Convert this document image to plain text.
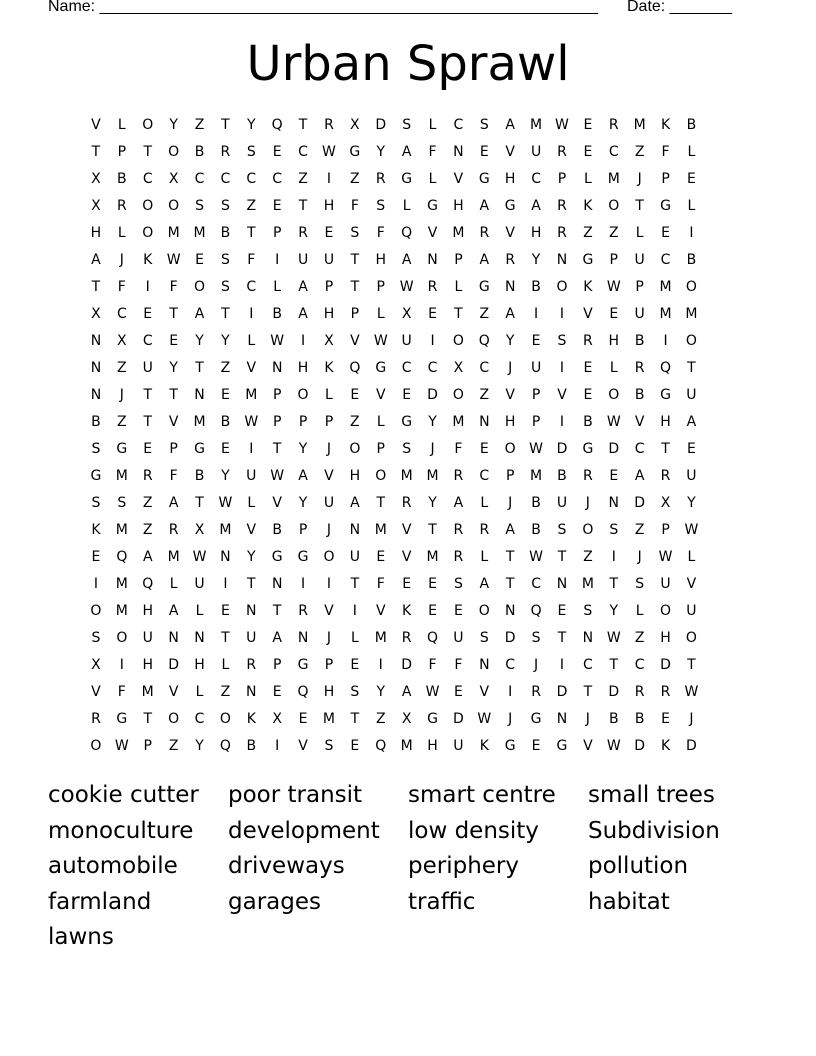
Name: ________________________________________________________ Date: _______
Urban Sprawl
V	L	O	Y	Z	T	Y	Q	T	R	X	D	S	L	C	S	A	M W	E	R	M	K	B
T	P	T	O	B	R	S	E	C	W G	Y	A	F	N	E	V	U	R	E	C	Z	F	L
X	B	C	X	C	C	C	C	Z	I	Z	R	G	L	V	G	H	C	P	L	M	J	P	E
X	R	O	O	S	S	Z	E	T	H	F	S	L	G	H	A	G	A	R	K	O	T	G	L
H	L	O	M M	B	T	P	R	E	S	F	Q	V	M	R	V	H	R	Z	Z	L	E	I
A	J	K	W	E	S	F	I	U	U	T	H	A	N	P	A	R	Y	N	G	P	U	C	B
T	F	I	F	O	S	C	L	A	P	T	P	W	R	L	G	N	B	O	K	W	P	M	O
X	C	E	T	A	T	I	B	A	H	P	L	X	E	T	Z	A	I	I	V	E	U	M M
N	X	C	E	Y	Y	L	W	I	X	V	W U	I	O	Q	Y	E	S	R	H	B	I	O
N	Z	U	Y	T	Z	V	N	H	K	Q	G	C	C	X	C	J	U	I	E	L	R	Q	T
N	J	T	T	N	E	M	P	O	L	E	V	E	D	O	Z	V	P	V	E	O	B	G	U
B	Z	T	V	M	B	W	P	P	P	Z	L	G	Y	M	N	H	P	I	B	W	V	H	A
S	G	E	P	G	E	I	T	Y	J	O	P	S	J	F	E	O W D	G	D	C	T	E
G	M	R	F	B	Y	U W	A	V	H	O	M M	R	C	P	M	B	R	E	A	R	U
S	S	Z	A	T	W	L	V	Y	U	A	T	R	Y	A	L	J	B	U	J	N	D	X	Y
K	M	Z	R	X	M	V	B	P	J	N	M	V	T	R	R	A	B	S	O	S	Z	P	W
E	Q	A	M W N	Y	G	G	O	U	E	V	M	R	L	T	W	T	Z	I	J	W	L
I	M	Q	L	U	I	T	N	I	I	T	F	E	E	S	A	T	C	N	M	T	S	U	V
O	M	H	A	L	E	N	T	R	V	I	V	K	E	E	O	N	Q	E	S	Y	L	O	U
S	O	U	N	N	T	U	A	N	J	L	M	R	Q	U	S	D	S	T	N W	Z	H	O
X	I	H	D	H	L	R	P	G	P	E	I	D	F	F	N	C	J	I	C	T	C	D	T
V	F	M	V	L	Z	N	E	Q	H	S	Y	A	W	E	V	I	R	D	T	D	R	R	W
R	G	T	O	C	O	K	X	E	M	T	Z	X	G	D W	J	G	N	J	B	B	E	J
O W	P	Z	Y	Q	B	I	V	S	E	Q	M	H	U	K	G	E	G	V	W D	K	D
cookie cutter	poor transit	smart centre	small trees
monoculture	development	low density	Subdivision
automobile	driveways	periphery	pollution
farmland	garages	traffic	habitat
lawns
